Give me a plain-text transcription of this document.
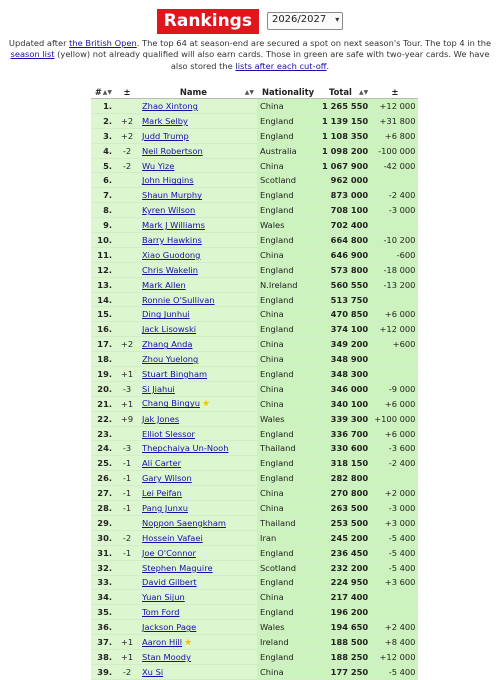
Rankings	2026/2027 ▾
Updated after the British Open. The top 64 at season-end are secured a spot on next season's Tour. The top 4 in the season list (yellow) not already qualified will also earn cards. Those in green are safe with two-year cards. We have also stored the lists after each cut-off.
# ▲▼	±	Name ▲▼	Nationality	Total ▲▼	±
1.		Zhao Xintong	China	1 265 550	+12 000
2.	+2	Mark Selby	England	1 139 150	+31 800
3.	+2	Judd Trump	England	1 108 350	+6 800
4.	-2	Neil Robertson	Australia	1 098 200	-100 000
5.	-2	Wu Yize	China	1 067 900	-42 000
6.		John Higgins	Scotland	962 000	
7.		Shaun Murphy	England	873 000	-2 400
8.		Kyren Wilson	England	708 100	-3 000
9.		Mark J Williams	Wales	702 400	
10.		Barry Hawkins	England	664 800	-10 200
11.		Xiao Guodong	China	646 900	-600
12.		Chris Wakelin	England	573 800	-18 000
13.		Mark Allen	N.Ireland	560 550	-13 200
14.		Ronnie O'Sullivan	England	513 750	
15.		Ding Junhui	China	470 850	+6 000
16.		Jack Lisowski	England	374 100	+12 000
17.	+2	Zhang Anda	China	349 200	+600
18.		Zhou Yuelong	China	348 900	
19.	+1	Stuart Bingham	England	348 300	
20.	-3	Si Jiahui	China	346 000	-9 000
21.	+1	Chang Bingyu ★	China	340 100	+6 000
22.	+9	Jak Jones	Wales	339 300	+100 000
23.		Elliot Slessor	England	336 700	+6 000
24.	-3	Thepchaiya Un-Nooh	Thailand	330 600	-3 600
25.	-1	Ali Carter	England	318 150	-2 400
26.	-1	Gary Wilson	England	282 800	
27.	-1	Lei Peifan	China	270 800	+2 000
28.	-1	Pang Junxu	China	263 500	-3 000
29.		Noppon Saengkham	Thailand	253 500	+3 000
30.	-2	Hossein Vafaei	Iran	245 200	-5 400
31.	-1	Joe O'Connor	England	236 450	-5 400
32.		Stephen Maguire	Scotland	232 200	-5 400
33.		David Gilbert	England	224 950	+3 600
34.		Yuan Sijun	China	217 400	
35.		Tom Ford	England	196 200	
36.		Jackson Page	Wales	194 650	+2 400
37.	+1	Aaron Hill ★	Ireland	188 500	+8 400
38.	+1	Stan Moody	England	188 250	+12 000
39.	-2	Xu Si	China	177 250	-5 400
